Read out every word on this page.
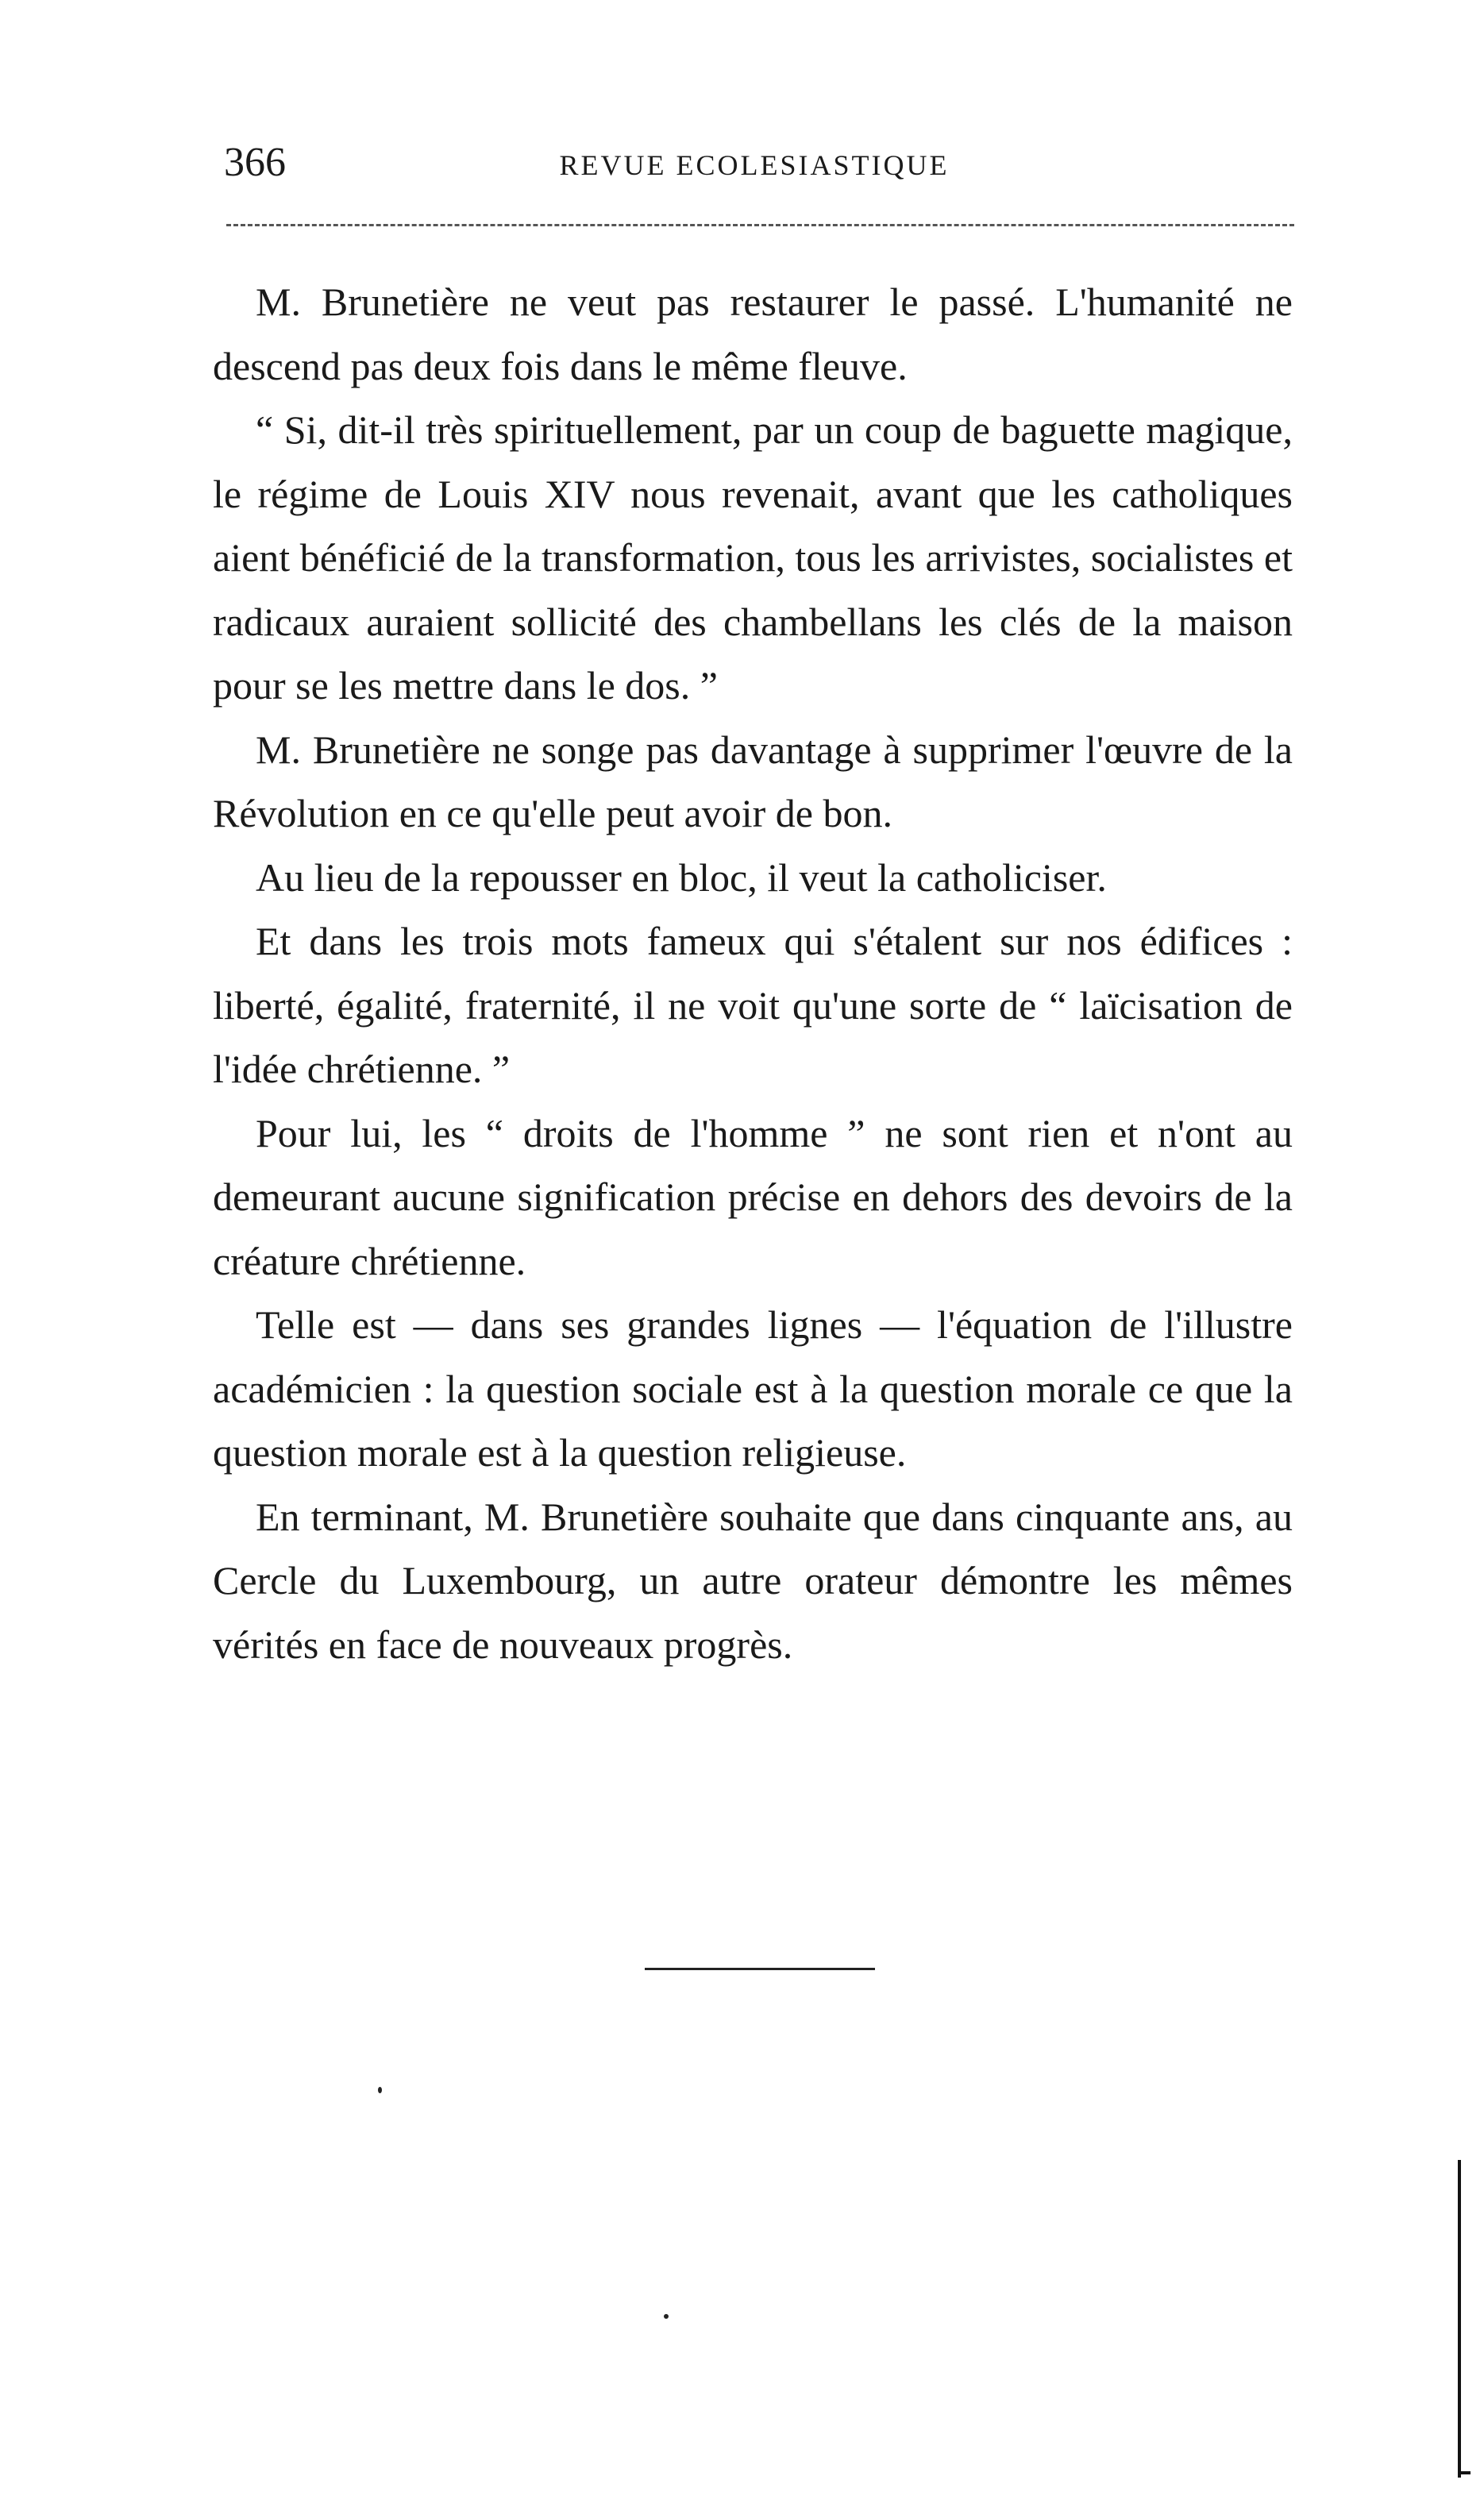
366	REVUE ECOLESIASTIQUE

M. Brunetière ne veut pas restaurer le passé. L'humanité ne descend pas deux fois dans le même fleuve.

“ Si, dit-il très spirituellement, par un coup de baguette magique, le régime de Louis XIV nous revenait, avant que les catholiques aient bénéficié de la transformation, tous les arrivistes, socialistes et radicaux auraient sollicité des chambellans les clés de la maison pour se les mettre dans le dos. ”

M. Brunetière ne songe pas davantage à supprimer l'œuvre de la Révolution en ce qu'elle peut avoir de bon.

Au lieu de la repousser en bloc, il veut la catholiciser.

Et dans les trois mots fameux qui s'étalent sur nos édifices : liberté, égalité, fraternité, il ne voit qu'une sorte de “ laïcisation de l'idée chrétienne. ”

Pour lui, les “ droits de l'homme ” ne sont rien et n'ont au demeurant aucune signification précise en dehors des devoirs de la créature chrétienne.

Telle est — dans ses grandes lignes — l'équation de l'illustre académicien : la question sociale est à la question morale ce que la question morale est à la question religieuse.

En terminant, M. Brunetière souhaite que dans cinquante ans, au Cercle du Luxembourg, un autre orateur démontre les mêmes vérités en face de nouveaux progrès.
